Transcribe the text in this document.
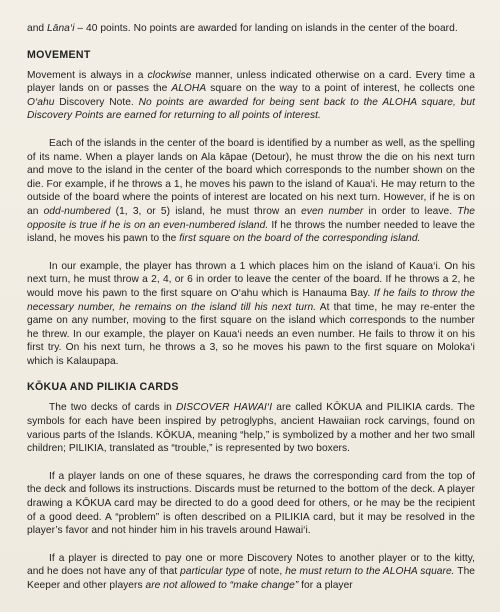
and Lāna‘i – 40 points. No points are awarded for landing on islands in the center of the board.

MOVEMENT

Movement is always in a clockwise manner, unless indicated otherwise on a card. Every time a player lands on or passes the ALOHA square on the way to a point of interest, he collects one O‘ahu Discovery Note. No points are awarded for being sent back to the ALOHA square, but Discovery Points are earned for returning to all points of interest.

Each of the islands in the center of the board is identified by a number as well, as the spelling of its name. When a player lands on Ala kāpae (Detour), he must throw the die on his next turn and move to the island in the center of the board which corresponds to the number shown on the die. For example, if he throws a 1, he moves his pawn to the island of Kaua‘i. He may return to the outside of the board where the points of interest are located on his next turn. However, if he is on an odd-numbered (1, 3, or 5) island, he must throw an even number in order to leave. The opposite is true if he is on an even-numbered island. If he throws the number needed to leave the island, he moves his pawn to the first square on the board of the corresponding island.

In our example, the player has thrown a 1 which places him on the island of Kaua‘i. On his next turn, he must throw a 2, 4, or 6 in order to leave the center of the board. If he throws a 2, he would move his pawn to the first square on O‘ahu which is Hanauma Bay. If he fails to throw the necessary number, he remains on the island till his next turn. At that time, he may re-enter the game on any number, moving to the first square on the island which corresponds to the number he threw. In our example, the player on Kaua‘i needs an even number. He fails to throw it on his first try. On his next turn, he throws a 3, so he moves his pawn to the first square on Moloka‘i which is Kalaupapa.

KŌKUA AND PILIKIA CARDS

The two decks of cards in DISCOVER HAWAI‘I are called KŌKUA and PILIKIA cards. The symbols for each have been inspired by petroglyphs, ancient Hawaiian rock carvings, found on various parts of the Islands. KŌKUA, meaning “help,” is symbolized by a mother and her two small children; PILIKIA, translated as “trouble,” is represented by two boxers.

If a player lands on one of these squares, he draws the corresponding card from the top of the deck and follows its instructions. Discards must be returned to the bottom of the deck. A player drawing a KŌKUA card may be directed to do a good deed for others, or he may be the recipient of a good deed. A “problem” is often described on a PILIKIA card, but it may be resolved in the player’s favor and not hinder him in his travels around Hawai‘i.

If a player is directed to pay one or more Discovery Notes to another player or to the kitty, and he does not have any of that particular type of note, he must return to the ALOHA square. The Keeper and other players are not allowed to “make change” for a player
